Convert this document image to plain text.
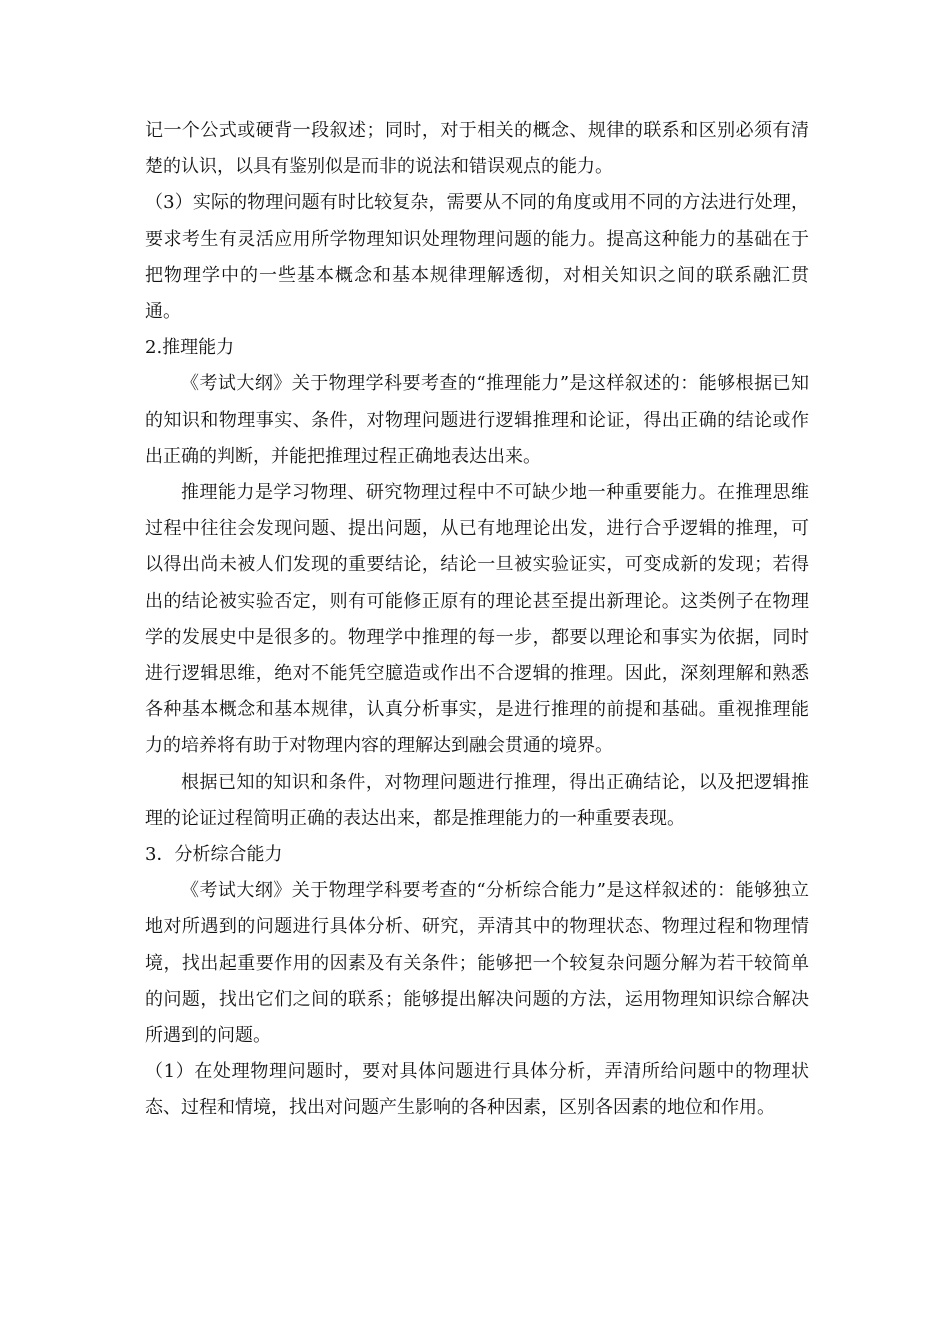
记一个公式或硬背一段叙述；同时，对于相关的概念、规律的联系和区别必须有清楚的认识，以具有鉴别似是而非的说法和错误观点的能力。

（3）实际的物理问题有时比较复杂，需要从不同的角度或用不同的方法进行处理，要求考生有灵活应用所学物理知识处理物理问题的能力。提高这种能力的基础在于把物理学中的一些基本概念和基本规律理解透彻，对相关知识之间的联系融汇贯通。

2.推理能力

《考试大纲》关于物理学科要考查的“推理能力”是这样叙述的：能够根据已知的知识和物理事实、条件，对物理问题进行逻辑推理和论证，得出正确的结论或作出正确的判断，并能把推理过程正确地表达出来。

推理能力是学习物理、研究物理过程中不可缺少地一种重要能力。在推理思维过程中往往会发现问题、提出问题，从已有地理论出发，进行合乎逻辑的推理，可以得出尚未被人们发现的重要结论，结论一旦被实验证实，可变成新的发现；若得出的结论被实验否定，则有可能修正原有的理论甚至提出新理论。这类例子在物理学的发展史中是很多的。物理学中推理的每一步，都要以理论和事实为依据，同时进行逻辑思维，绝对不能凭空臆造或作出不合逻辑的推理。因此，深刻理解和熟悉各种基本概念和基本规律，认真分析事实，是进行推理的前提和基础。重视推理能力的培养将有助于对物理内容的理解达到融会贯通的境界。

根据已知的知识和条件，对物理问题进行推理，得出正确结论，以及把逻辑推理的论证过程简明正确的表达出来，都是推理能力的一种重要表现。

3．分析综合能力

《考试大纲》关于物理学科要考查的“分析综合能力”是这样叙述的：能够独立地对所遇到的问题进行具体分析、研究，弄清其中的物理状态、物理过程和物理情境，找出起重要作用的因素及有关条件；能够把一个较复杂问题分解为若干较简单的问题，找出它们之间的联系；能够提出解决问题的方法，运用物理知识综合解决所遇到的问题。

（1）在处理物理问题时，要对具体问题进行具体分析，弄清所给问题中的物理状态、过程和情境，找出对问题产生影响的各种因素，区别各因素的地位和作用。
